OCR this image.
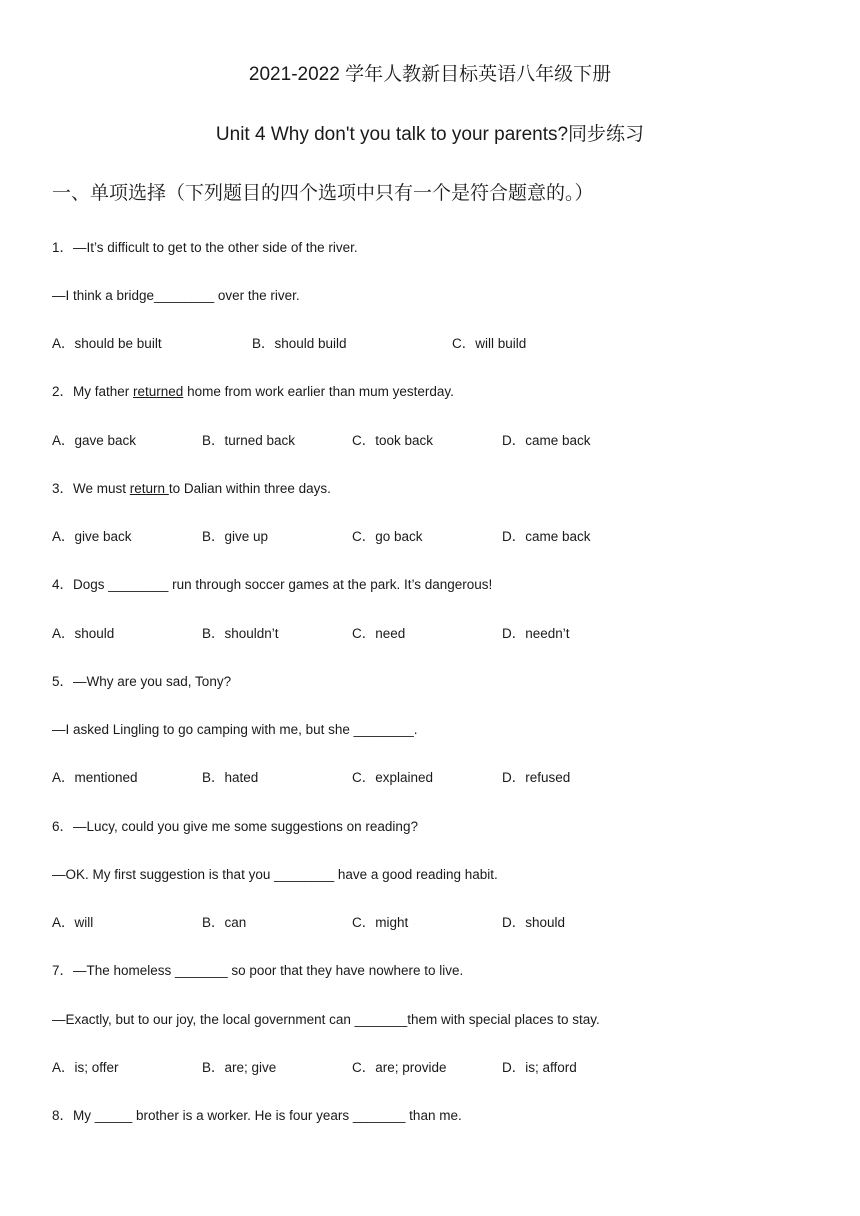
2021-2022 学年人教新目标英语八年级下册
Unit 4 Why don't you talk to your parents?同步练习
一、单项选择（下列题目的四个选项中只有一个是符合题意的。）
1．—It’s difficult to get to the other side of the river.
—I think a bridge________ over the river.
A．should be built	B．should build	C．will build
2．My father returned home from work earlier than mum yesterday.
A．gave back	B．turned back	C．took back	D．came back
3．We must return to Dalian within three days.
A．give back	B．give up	C．go back	D．came back
4．Dogs ________ run through soccer games at the park. It’s dangerous!
A．should	B．shouldn’t	C．need	D．needn’t
5．—Why are you sad, Tony?
—I asked Lingling to go camping with me, but she ________.
A．mentioned	B．hated	C．explained	D．refused
6．—Lucy, could you give me some suggestions on reading?
—OK. My first suggestion is that you ________ have a good reading habit.
A．will	B．can	C．might	D．should
7．—The homeless _______ so poor that they have nowhere to live.
—Exactly, but to our joy, the local government can _______them with special places to stay.
A．is; offer	B．are; give	C．are; provide	D．is; afford
8．My _____ brother is a worker. He is four years _______ than me.
